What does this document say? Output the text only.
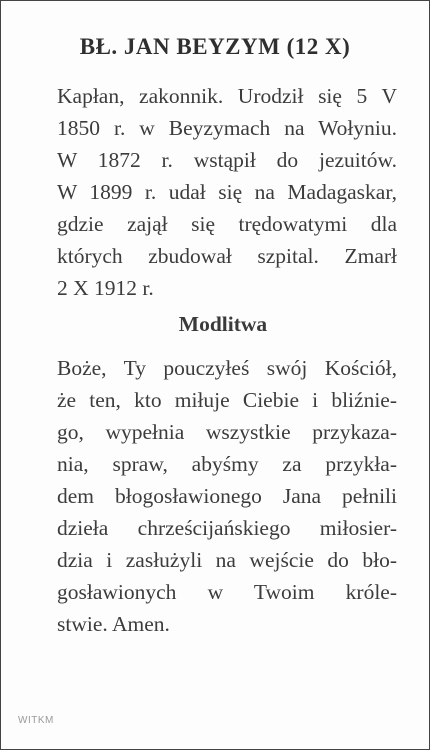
BŁ. JAN BEYZYM (12 X)
Kapłan, zakonnik. Urodził się 5 V
1850 r. w Beyzymach na Wołyniu.
W 1872 r. wstąpił do jezuitów.
W 1899 r. udał się na Madagaskar,
gdzie zajął się trędowatymi dla
których zbudował szpital. Zmarł
2 X 1912 r.
Modlitwa
Boże, Ty pouczyłeś swój Kościół,
że ten, kto miłuje Ciebie i bliźnie-
go, wypełnia wszystkie przykaza-
nia, spraw, abyśmy za przykła-
dem błogosławionego Jana pełnili
dzieła chrześcijańskiego miłosier-
dzia i zasłużyli na wejście do bło-
gosławionych w Twoim króle-
stwie. Amen.
WITKM
